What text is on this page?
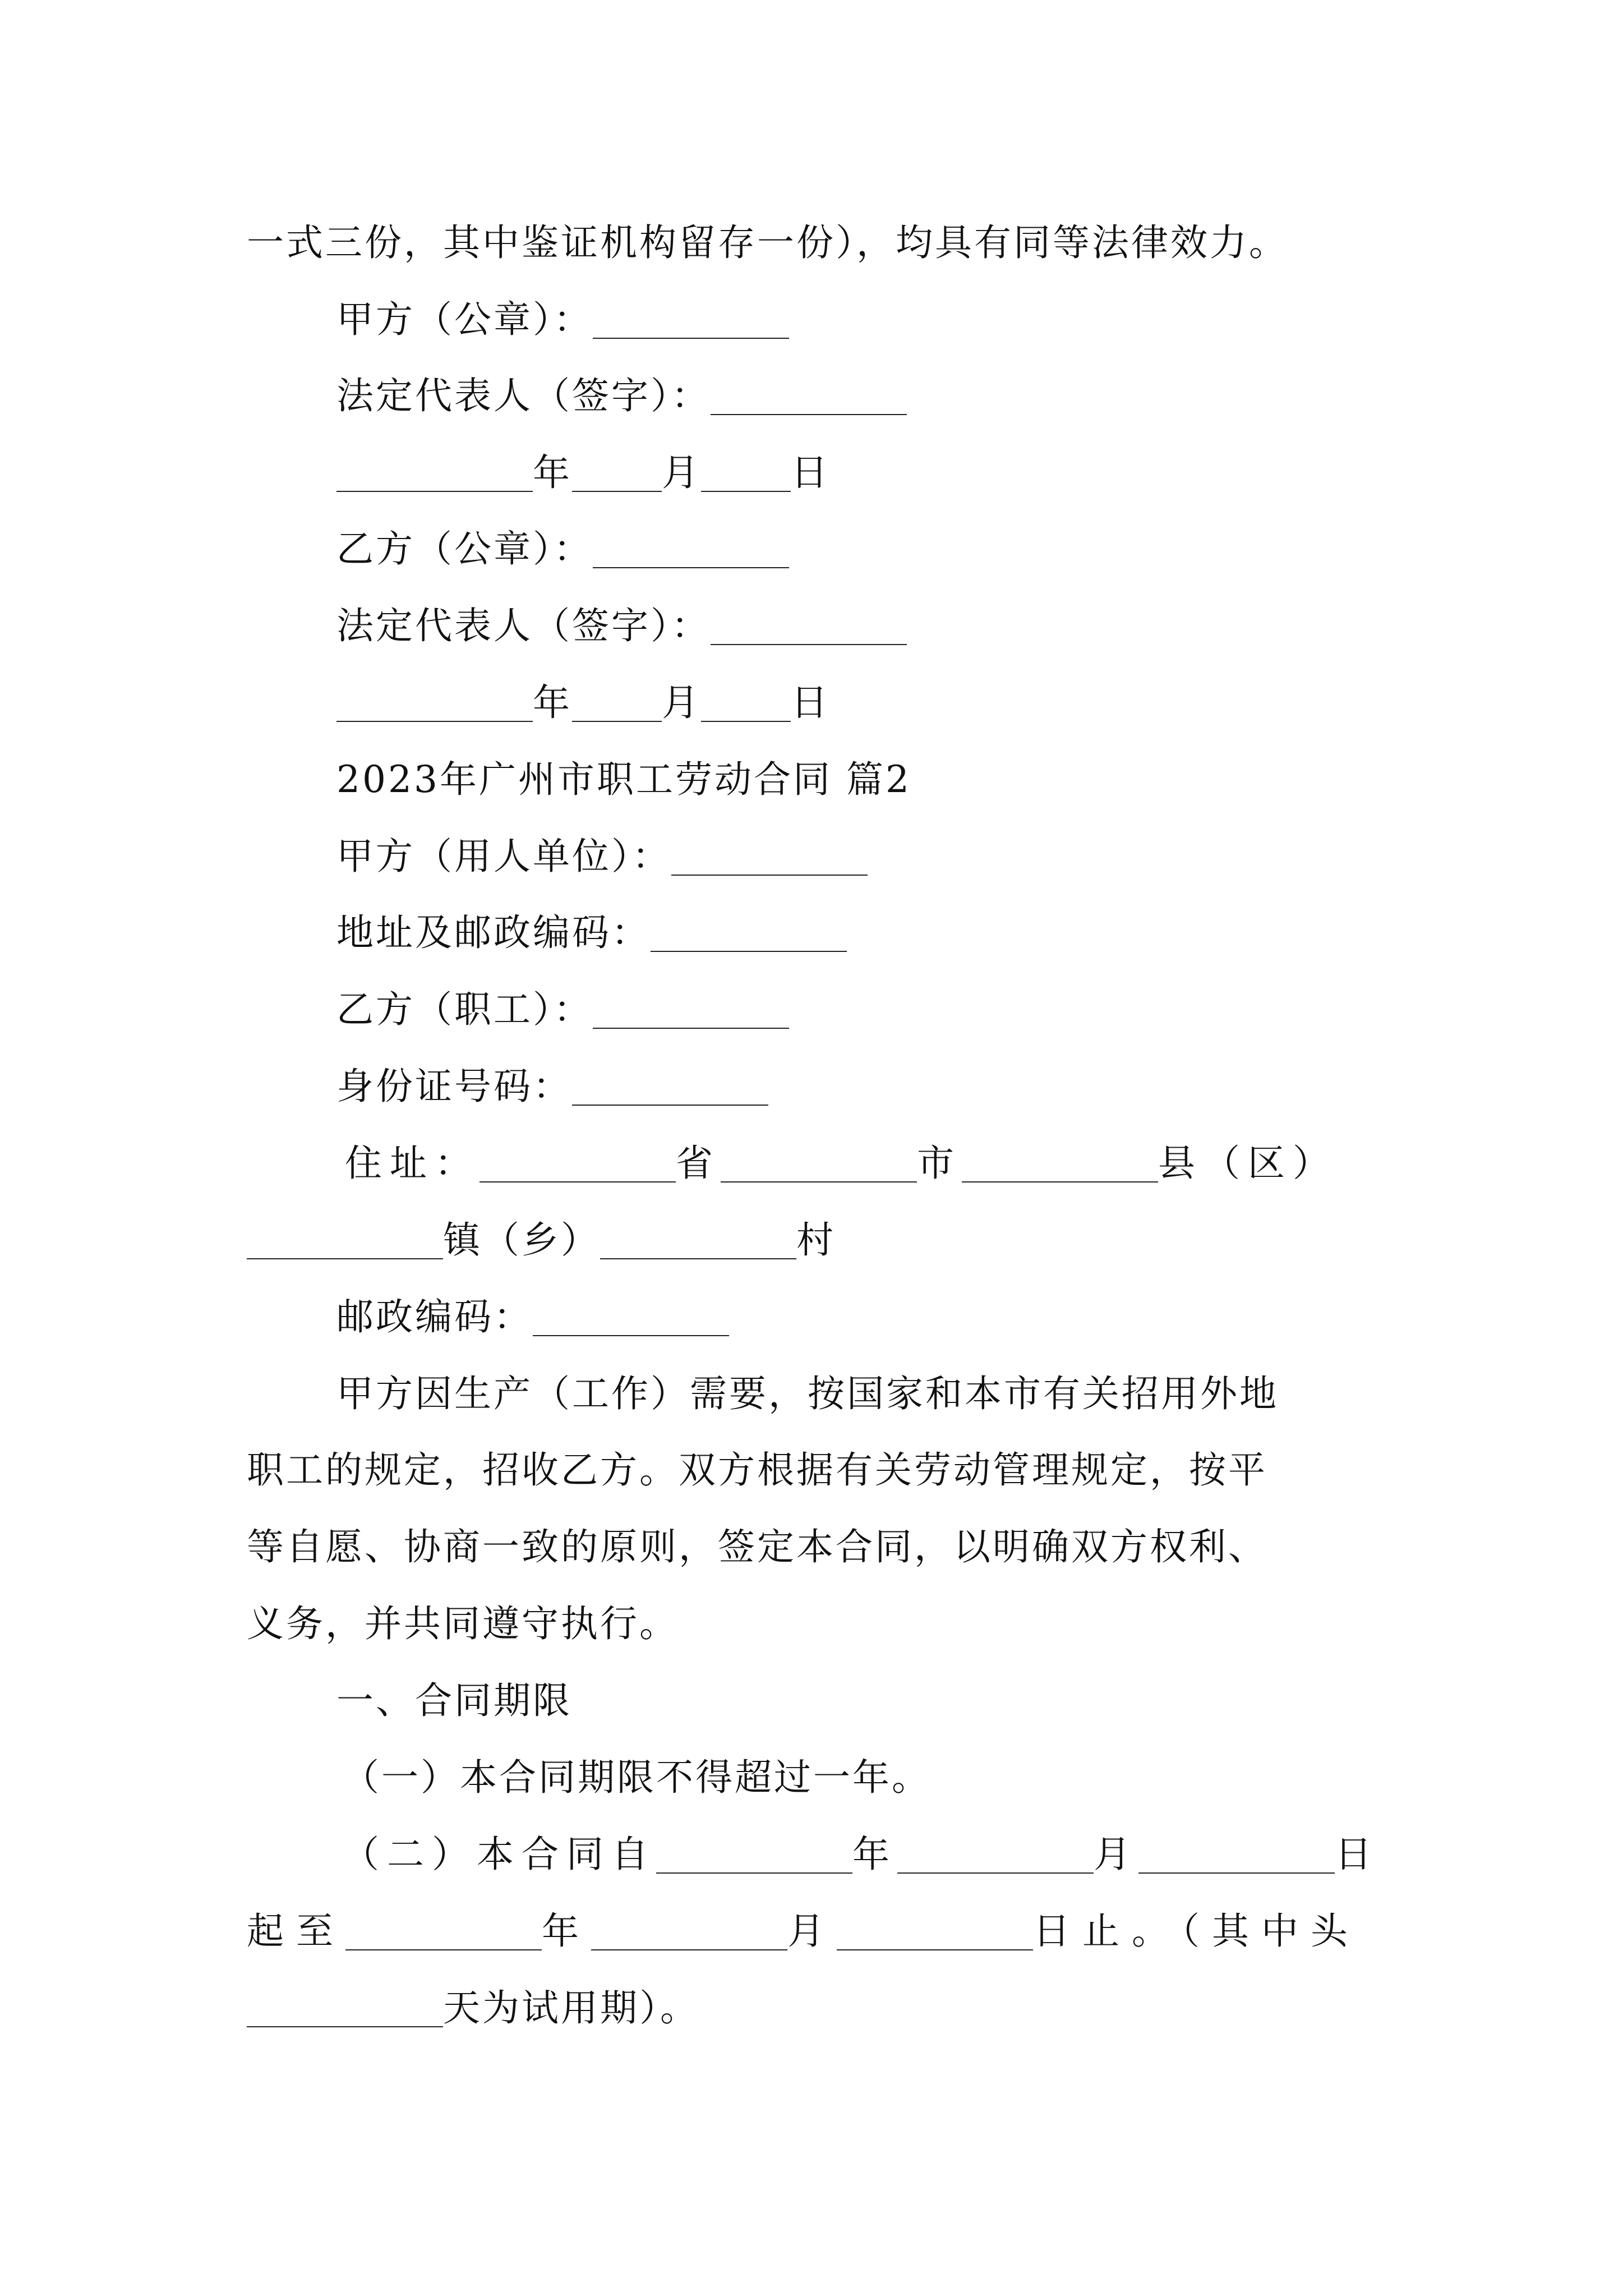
一式三份，其中鉴证机构留存一份），均具有同等法律效力。
甲方（公章）：
法定代表人（签字）：
年 月 日
乙方（公章）：
法定代表人（签字）：
年 月 日
2023年广州市职工劳动合同 篇2
甲方（用人单位）：
地址及邮政编码：
乙方（职工）：
身份证号码：
住址：	省	市	县（区）
镇（乡）	村
邮政编码：
甲方因生产（工作）需要，按国家和本市有关招用外地
职工的规定，招收乙方。双方根据有关劳动管理规定，按平
等自愿、协商一致的原则，签定本合同，以明确双方权利、
义务，并共同遵守执行。
一、合同期限
（一）本合同期限不得超过一年。
（二）本合同自	年	月	日
起至	年	月	日止。（其中头
天为试用期）。
